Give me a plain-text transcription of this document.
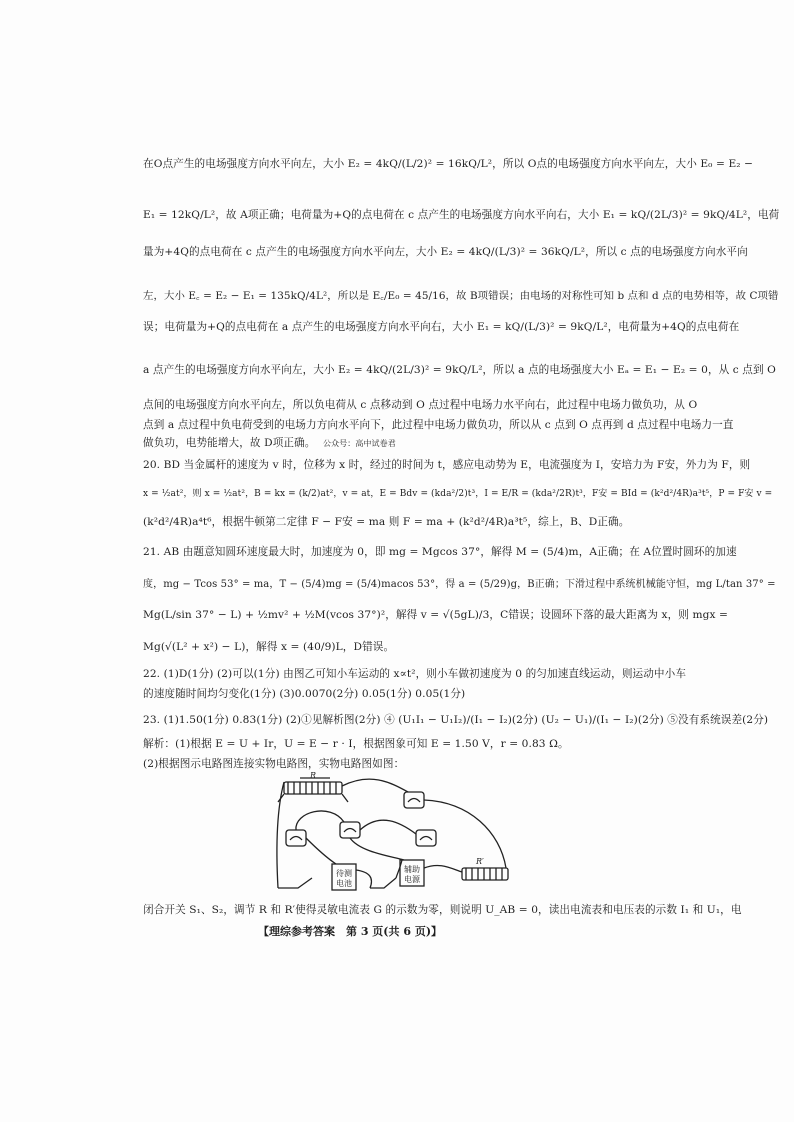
在O点产生的电场强度方向水平向左，大小 E₂ = 4kQ/(L/2)² = 16kQ/L²，所以 O点的电场强度方向水平向左，大小 E₀ = E₂ −
E₁ = 12kQ/L²，故 A项正确；电荷量为+Q的点电荷在 c 点产生的电场强度方向水平向右，大小 E₁ = kQ/(2L/3)² = 9kQ/4L²，电荷
量为+4Q的点电荷在 c 点产生的电场强度方向水平向左，大小 E₂ = 4kQ/(L/3)² = 36kQ/L²，所以 c 点的电场强度方向水平向
左，大小 E꜀ = E₂ − E₁ = 135kQ/4L²，所以是 E꜀/E₀ = 45/16，故 B项错误；由电场的对称性可知 b 点和 d 点的电势相等，故 C项错
误；电荷量为+Q的点电荷在 a 点产生的电场强度方向水平向右，大小 E₁ = kQ/(L/3)² = 9kQ/L²，电荷量为+4Q的点电荷在
a 点产生的电场强度方向水平向左，大小 E₂ = 4kQ/(2L/3)² = 9kQ/L²，所以 a 点的电场强度大小 Eₐ = E₁ − E₂ = 0，从 c 点到 O
点间的电场强度方向水平向左，所以负电荷从 c 点移动到 O 点过程中电场力水平向右，此过程中电场力做负功，从 O
点到 a 点过程中负电荷受到的电场力方向水平向下，此过程中电场力做负功，所以从 c 点到 O 点再到 d 点过程中电场力一直
做负功，电势能增大，故 D项正确。 公众号：高中试卷君
20. BD 当金属杆的速度为 v 时，位移为 x 时，经过的时间为 t，感应电动势为 E，电流强度为 I，安培力为 F安，外力为 F，则
x = ½at²，则 x = ½at²，B = kx = (k/2)at²，v = at，E = Bdv = (kda²/2)t³，I = E/R = (kda²/2R)t³，F安 = BId = (k²d²/4R)a³t⁵，P = F安 v =
(k²d²/4R)a⁴t⁶，根据牛顿第二定律 F − F安 = ma 则 F = ma + (k²d²/4R)a³t⁵，综上，B、D正确。
21. AB 由题意知圆环速度最大时，加速度为 0，即 mg = Mgcos 37°，解得 M = (5/4)m，A正确；在 A位置时圆环的加速
度，mg − Tcos 53° = ma，T − (5/4)mg = (5/4)macos 53°，得 a = (5/29)g，B正确；下滑过程中系统机械能守恒，mg L/tan 37° =
Mg(L/sin 37° − L) + ½mv² + ½M(vcos 37°)²，解得 v = √(5gL)/3，C错误；设圆环下落的最大距离为 x，则 mgx =
Mg(√(L² + x²) − L)，解得 x = (40/9)L，D错误。
22. (1)D(1分) (2)可以(1分) 由图乙可知小车运动的 x∝t²，则小车做初速度为 0 的匀加速直线运动，则运动中小车
的速度随时间均匀变化(1分) (3)0.0070(2分) 0.05(1分) 0.05(1分)
23. (1)1.50(1分) 0.83(1分) (2)①见解析图(2分) ④ (U₁I₁ − U₁I₂)/(I₁ − I₂)(2分) (U₂ − U₁)/(I₁ − I₂)(2分) ⑤没有系统误差(2分)
解析：(1)根据 E = U + Ir，U = E − r · I，根据图象可知 E = 1.50 V，r = 0.83 Ω。
(2)根据图示电路图连接实物电路图，实物电路图如图：
R
R′
待测
电池
辅助
电源
闭合开关 S₁、S₂，调节 R 和 R′使得灵敏电流表 G 的示数为零，则说明 U_AB = 0，读出电流表和电压表的示数 I₁ 和 U₁，电
【理综参考答案　第 3 页(共 6 页)】
